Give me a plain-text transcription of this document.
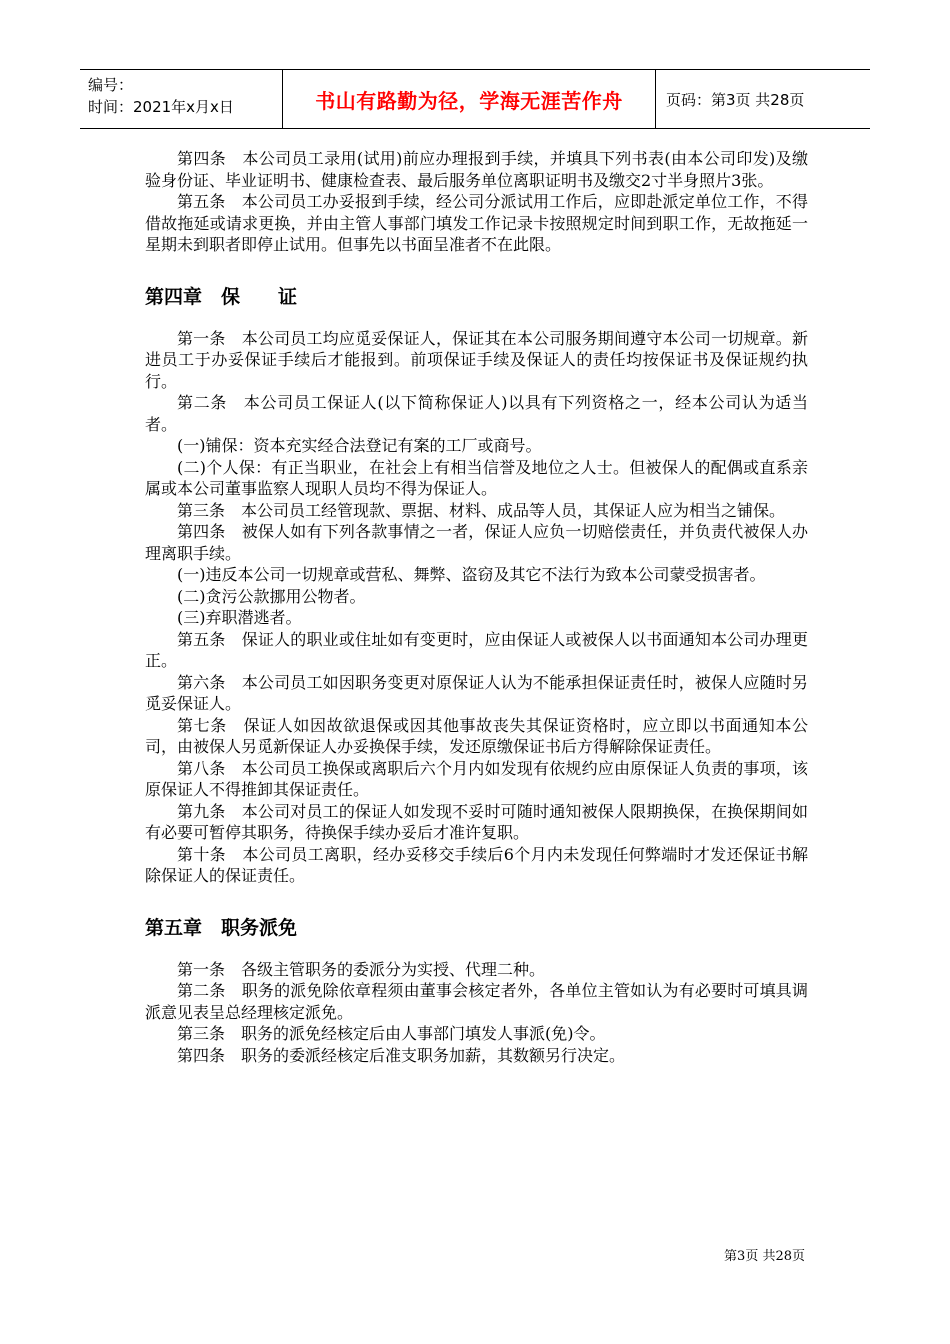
编号：
时间：2021年x月x日	书山有路勤为径，学海无涯苦作舟	页码：第3页 共28页

第四条　本公司员工录用(试用)前应办理报到手续，并填具下列书表(由本公司印发)及缴验身份证、毕业证明书、健康检查表、最后服务单位离职证明书及缴交2寸半身照片3张。

第五条　本公司员工办妥报到手续，经公司分派试用工作后，应即赴派定单位工作，不得借故拖延或请求更换，并由主管人事部门填发工作记录卡按照规定时间到职工作，无故拖延一星期未到职者即停止试用。但事先以书面呈准者不在此限。

第四章　保　　证

第一条　本公司员工均应觅妥保证人，保证其在本公司服务期间遵守本公司一切规章。新进员工于办妥保证手续后才能报到。前项保证手续及保证人的责任均按保证书及保证规约执行。

第二条　本公司员工保证人(以下简称保证人)以具有下列资格之一，经本公司认为适当者。

(一)铺保：资本充实经合法登记有案的工厂或商号。

(二)个人保：有正当职业，在社会上有相当信誉及地位之人士。但被保人的配偶或直系亲属或本公司董事监察人现职人员均不得为保证人。

第三条　本公司员工经管现款、票据、材料、成品等人员，其保证人应为相当之铺保。

第四条　被保人如有下列各款事情之一者，保证人应负一切赔偿责任，并负责代被保人办理离职手续。

(一)违反本公司一切规章或营私、舞弊、盗窃及其它不法行为致本公司蒙受损害者。

(二)贪污公款挪用公物者。

(三)弃职潜逃者。

第五条　保证人的职业或住址如有变更时，应由保证人或被保人以书面通知本公司办理更正。

第六条　本公司员工如因职务变更对原保证人认为不能承担保证责任时，被保人应随时另觅妥保证人。

第七条　保证人如因故欲退保或因其他事故丧失其保证资格时，应立即以书面通知本公司，由被保人另觅新保证人办妥换保手续，发还原缴保证书后方得解除保证责任。

第八条　本公司员工换保或离职后六个月内如发现有依规约应由原保证人负责的事项，该原保证人不得推卸其保证责任。

第九条　本公司对员工的保证人如发现不妥时可随时通知被保人限期换保，在换保期间如有必要可暂停其职务，待换保手续办妥后才准许复职。

第十条　本公司员工离职，经办妥移交手续后6个月内未发现任何弊端时才发还保证书解除保证人的保证责任。

第五章　职务派免

第一条　各级主管职务的委派分为实授、代理二种。

第二条　职务的派免除依章程须由董事会核定者外，各单位主管如认为有必要时可填具调派意见表呈总经理核定派免。

第三条　职务的派免经核定后由人事部门填发人事派(免)令。

第四条　职务的委派经核定后准支职务加薪，其数额另行决定。

第3页 共28页
